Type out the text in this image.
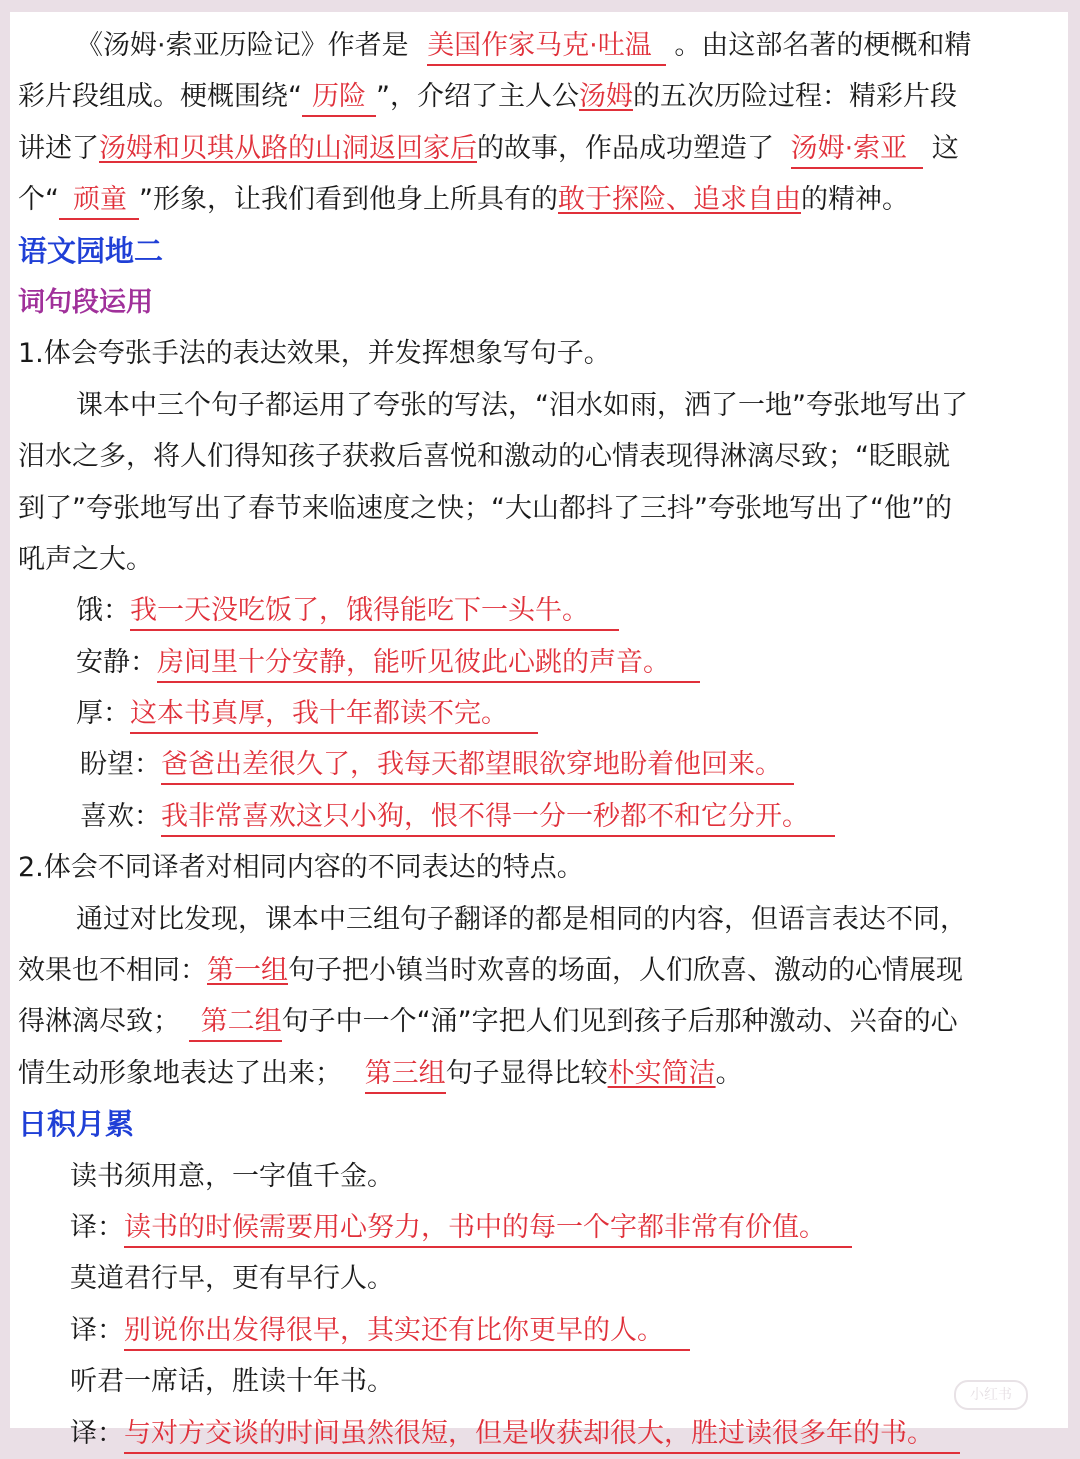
《汤姆·索亚历险记》作者是 美国作家马克·吐温 。由这部名著的梗概和精
彩片段组成。梗概围绕“ 历险 ”，介绍了主人公汤姆的五次历险过程：精彩片段
讲述了汤姆和贝琪从路的山洞返回家后的故事，作品成功塑造了 汤姆·索亚 这
个“ 顽童 ”形象，让我们看到他身上所具有的敢于探险、追求自由的精神。
语文园地二
词句段运用
1.体会夸张手法的表达效果，并发挥想象写句子。
课本中三个句子都运用了夸张的写法，“泪水如雨，洒了一地”夸张地写出了
泪水之多，将人们得知孩子获救后喜悦和激动的心情表现得淋漓尽致；“眨眼就
到了”夸张地写出了春节来临速度之快；“大山都抖了三抖”夸张地写出了“他”的
吼声之大。
饿：我一天没吃饭了，饿得能吃下一头牛。
安静：房间里十分安静，能听见彼此心跳的声音。
厚：这本书真厚，我十年都读不完。
盼望：爸爸出差很久了，我每天都望眼欲穿地盼着他回来。
喜欢：我非常喜欢这只小狗，恨不得一分一秒都不和它分开。
2.体会不同译者对相同内容的不同表达的特点。
通过对比发现，课本中三组句子翻译的都是相同的内容，但语言表达不同，
效果也不相同：第一组句子把小镇当时欢喜的场面，人们欣喜、激动的心情展现
得淋漓尽致； 第二组句子中一个“涌”字把人们见到孩子后那种激动、兴奋的心
情生动形象地表达了出来； 第三组句子显得比较朴实简洁。
日积月累
读书须用意，一字值千金。
译：读书的时候需要用心努力，书中的每一个字都非常有价值。
莫道君行早，更有早行人。
译：别说你出发得很早，其实还有比你更早的人。
听君一席话，胜读十年书。
译：与对方交谈的时间虽然很短，但是收获却很大，胜过读很多年的书。
小红书
